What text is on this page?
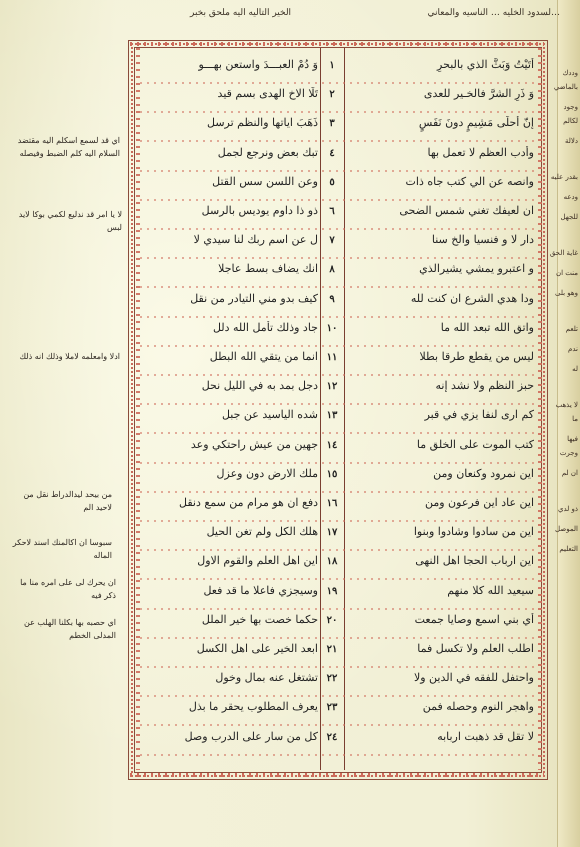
…لسدود الخليه … الناسيه والمعاني
الخير التاليه اليه ملحق بخبر
وَ دُمْ العبـــدَ واستعن بهـــو	١	أتَيْتُ وَبَثَّ الذي بالبحرِ
تَلَا الاخ الهدى بسم قيد	٢	وَ ذَرِ الشرَّ فالخـير للعدى
ذَهَبَ اياتها والنظم ترسل	٣	إنّ أحلَى مَشِيمٍ دونَ نَفَسٍ
تبك بعض ونرجع لجمل	٤	وأدب العظم لا تعمل بها
وعن اللسن سس القتل	٥	وانصه عن الي كتب جاه ذات
ذو ذا داوم يوديس بالرسل	٦	ان لعيفك تغني شمس الضحى
ل عن اسم ربك لنا سيدي لا	٧	دار لا و فنسيا والخ سنا
انك يضاف بسط عاجلا	٨	و اعتبرو يمشي يشيرالذي
كيف بدو مني التيادر من نقل	٩	ودا هدي الشرع ان كنت لله
جاد وذلك تأمل الله دلل ١٠	واتق الله تبعد الله ما
انما من يتقي الله البطل ١١	ليس من يقطع طرقا بطلا
دجل بمد به في الليل نحل ١٢	حبز النظم ولا نشد إنه
شده الياسيد عن جبل ١٣	كم ارى لنفا يزي في قبر
جهين من عيش راحتكي وعد ١٤	كتب الموت على الخلق ما
ملك الارض دون وعزل ١٥	اين نمرود وكنعان ومن
دفع ان هو مرام من سمع دنقل ١٦	اين عاد اين فرعون ومن
هلك الكل ولم تغن الحيل ١٧	اين من سادوا وشادوا وبنوا
اين اهل العلم والقوم الاول ١٨	اين ارباب الحجا اهل النهى
وسيجزي فاعلا ما قد فعل ١٩	سيعيد الله كلا منهم
حكما خصت بها خير الملل ٢٠	أي بني اسمع وصايا جمعت
ابعد الخير على اهل الكسل ٢١	اطلب العلم ولا تكسل فما
تشتغل عنه بمال وخول ٢٢	واحتفل للفقه في الدين ولا
يعرف المطلوب يحقر ما بذل ٢٣	واهجر النوم وحصله فمن
كل من سار على الدرب وصل ٢٤	لا تقل قد ذهبت اربابه
اي قد لسمع اسكلم اليه مقتضد السلام اليه كلم الضبط وفيصله
لا يا امر قد ندليع لكمي بوكا لايد لبس
ادلا وامعلمه لاملا وذلك انه ذلك
من بيحد ليدالدراط نقل من لاحيد الم
سبوسا ان اكالمنك اسند لاحكر الماله
ان يحرك لى على امره منا ما ذكر فيه
اي حصبه بها بكلنا الهلب عن المدلى الخطم
وددك بالماضي
وجود لكالم
دلالة
بقدر عليه
ودعه
للجهل
غاية الحق
منت ان
وهو بلى
تلعم
ندم
له
لا يذهب ما
فيها وجرت
ان لم
ذو لدي
الموصل
التعليم
